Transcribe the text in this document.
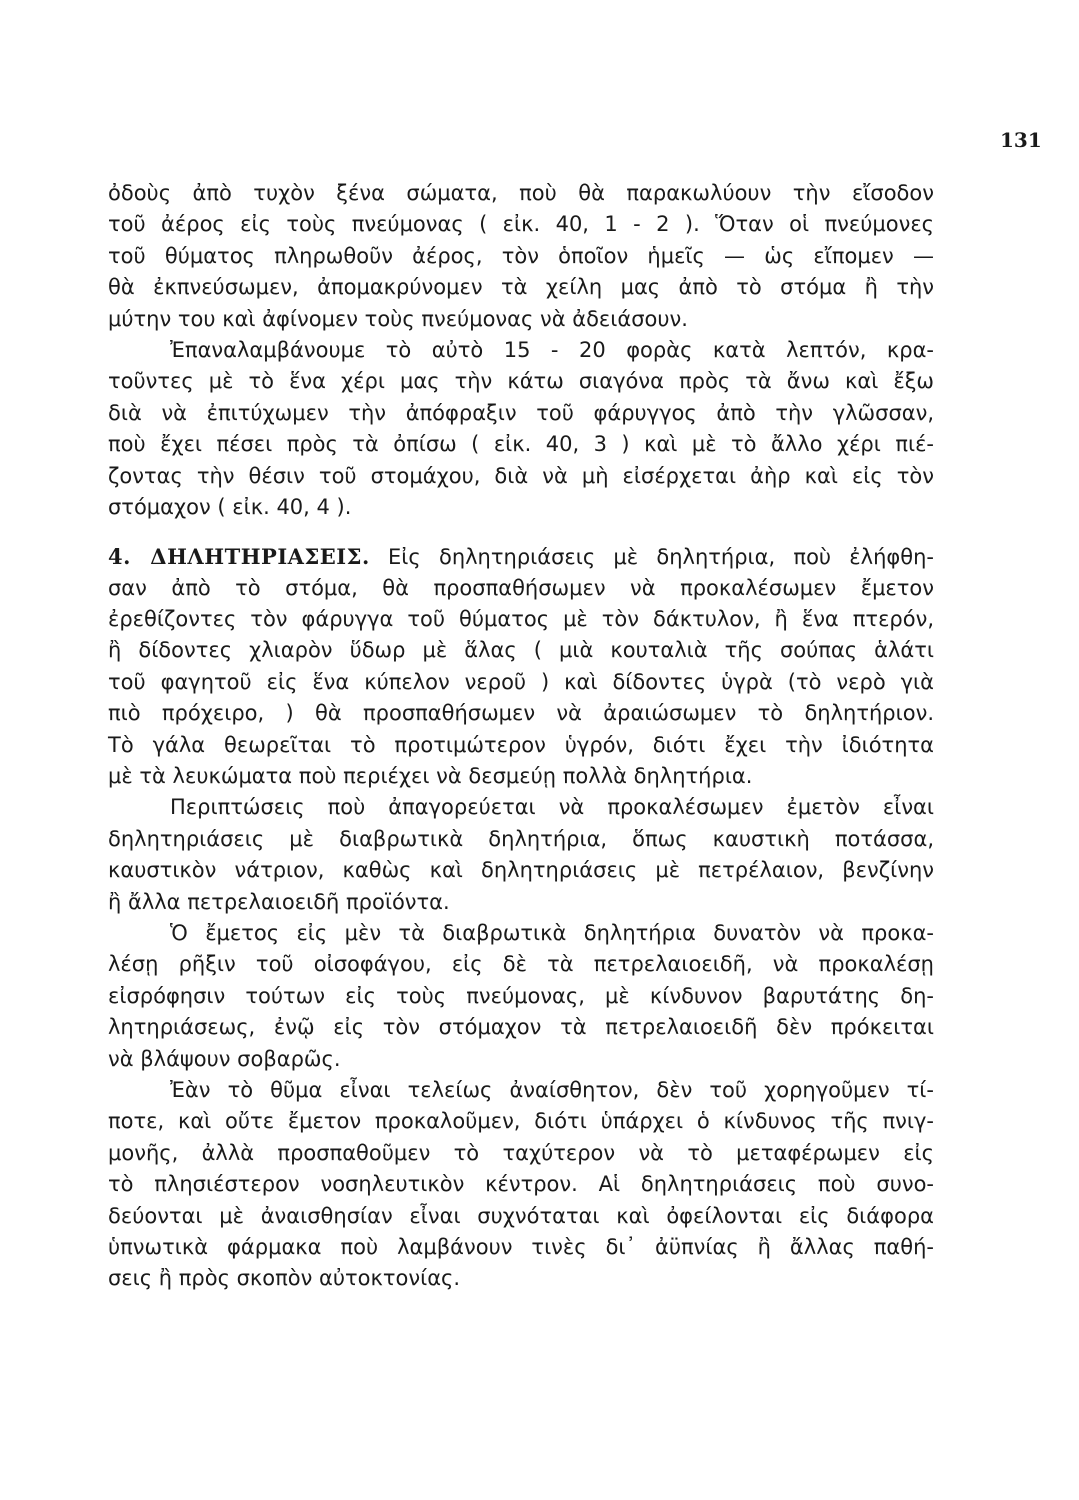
131
ὀδοὺς ἀπὸ τυχὸν ξένα σώματα, ποὺ θὰ παρακωλύουν τὴν εἴσοδον
τοῦ ἀέρος εἰς τοὺς πνεύμονας ( εἰκ. 40, 1 - 2 ). Ὅταν οἱ πνεύμονες
τοῦ θύματος πληρωθοῦν ἀέρος, τὸν ὁποῖον ἡμεῖς — ὡς εἴπομεν —
θὰ ἐκπνεύσωμεν, ἀπομακρύνομεν τὰ χείλη μας ἀπὸ τὸ στόμα ἢ τὴν
μύτην του καὶ ἀφίνομεν τοὺς πνεύμονας νὰ ἀδειάσουν.
Ἐπαναλαμβάνουμε τὸ αὐτὸ 15 - 20 φορὰς κατὰ λεπτόν, κρα-
τοῦντες μὲ τὸ ἕνα χέρι μας τὴν κάτω σιαγόνα πρὸς τὰ ἄνω καὶ ἔξω
διὰ νὰ ἐπιτύχωμεν τὴν ἀπόφραξιν τοῦ φάρυγγος ἀπὸ τὴν γλῶσσαν,
ποὺ ἔχει πέσει πρὸς τὰ ὀπίσω ( εἰκ. 40, 3 ) καὶ μὲ τὸ ἄλλο χέρι πιέ-
ζοντας τὴν θέσιν τοῦ στομάχου, διὰ νὰ μὴ εἰσέρχεται ἀὴρ καὶ εἰς τὸν
στόμαχον ( εἰκ. 40, 4 ).
4. ΔΗΛΗΤΗΡΙΑΣΕΙΣ. Εἰς δηλητηριάσεις μὲ δηλητήρια, ποὺ ἐλήφθη-
σαν ἀπὸ τὸ στόμα, θὰ προσπαθήσωμεν νὰ προκαλέσωμεν ἔμετον
ἐρεθίζοντες τὸν φάρυγγα τοῦ θύματος μὲ τὸν δάκτυλον, ἢ ἕνα πτερόν,
ἢ δίδοντες χλιαρὸν ὕδωρ μὲ ἅλας ( μιὰ κουταλιὰ τῆς σούπας ἁλάτι
τοῦ φαγητοῦ εἰς ἕνα κύπελον νεροῦ ) καὶ δίδοντες ὑγρὰ (τὸ νερὸ γιὰ
πιὸ πρόχειρο, ) θὰ προσπαθήσωμεν νὰ ἀραιώσωμεν τὸ δηλητήριον.
Τὸ γάλα θεωρεῖται τὸ προτιμώτερον ὑγρόν, διότι ἔχει τὴν ἰδιότητα
μὲ τὰ λευκώματα ποὺ περιέχει νὰ δεσμεύῃ πολλὰ δηλητήρια.
Περιπτώσεις ποὺ ἀπαγορεύεται νὰ προκαλέσωμεν ἐμετὸν εἶναι
δηλητηριάσεις μὲ διαβρωτικὰ δηλητήρια, ὅπως καυστικὴ ποτάσσα,
καυστικὸν νάτριον, καθὼς καὶ δηλητηριάσεις μὲ πετρέλαιον, βενζίνην
ἢ ἄλλα πετρελαιοειδῆ προϊόντα.
Ὁ ἔμετος εἰς μὲν τὰ διαβρωτικὰ δηλητήρια δυνατὸν νὰ προκα-
λέσῃ ρῆξιν τοῦ οἰσοφάγου, εἰς δὲ τὰ πετρελαιοειδῆ, νὰ προκαλέσῃ
εἰσρόφησιν τούτων εἰς τοὺς πνεύμονας, μὲ κίνδυνον βαρυτάτης δη-
λητηριάσεως, ἐνῷ εἰς τὸν στόμαχον τὰ πετρελαιοειδῆ δὲν πρόκειται
νὰ βλάψουν σοβαρῶς.
Ἐὰν τὸ θῦμα εἶναι τελείως ἀναίσθητον, δὲν τοῦ χορηγοῦμεν τί-
ποτε, καὶ οὔτε ἔμετον προκαλοῦμεν, διότι ὑπάρχει ὁ κίνδυνος τῆς πνιγ-
μονῆς, ἀλλὰ προσπαθοῦμεν τὸ ταχύτερον νὰ τὸ μεταφέρωμεν εἰς
τὸ πλησιέστερον νοσηλευτικὸν κέντρον. Αἱ δηλητηριάσεις ποὺ συνο-
δεύονται μὲ ἀναισθησίαν εἶναι συχνόταται καὶ ὀφείλονται εἰς διάφορα
ὑπνωτικὰ φάρμακα ποὺ λαμβάνουν τινὲς δι᾿ ἀϋπνίας ἢ ἄλλας παθή-
σεις ἢ πρὸς σκοπὸν αὐτοκτονίας.
